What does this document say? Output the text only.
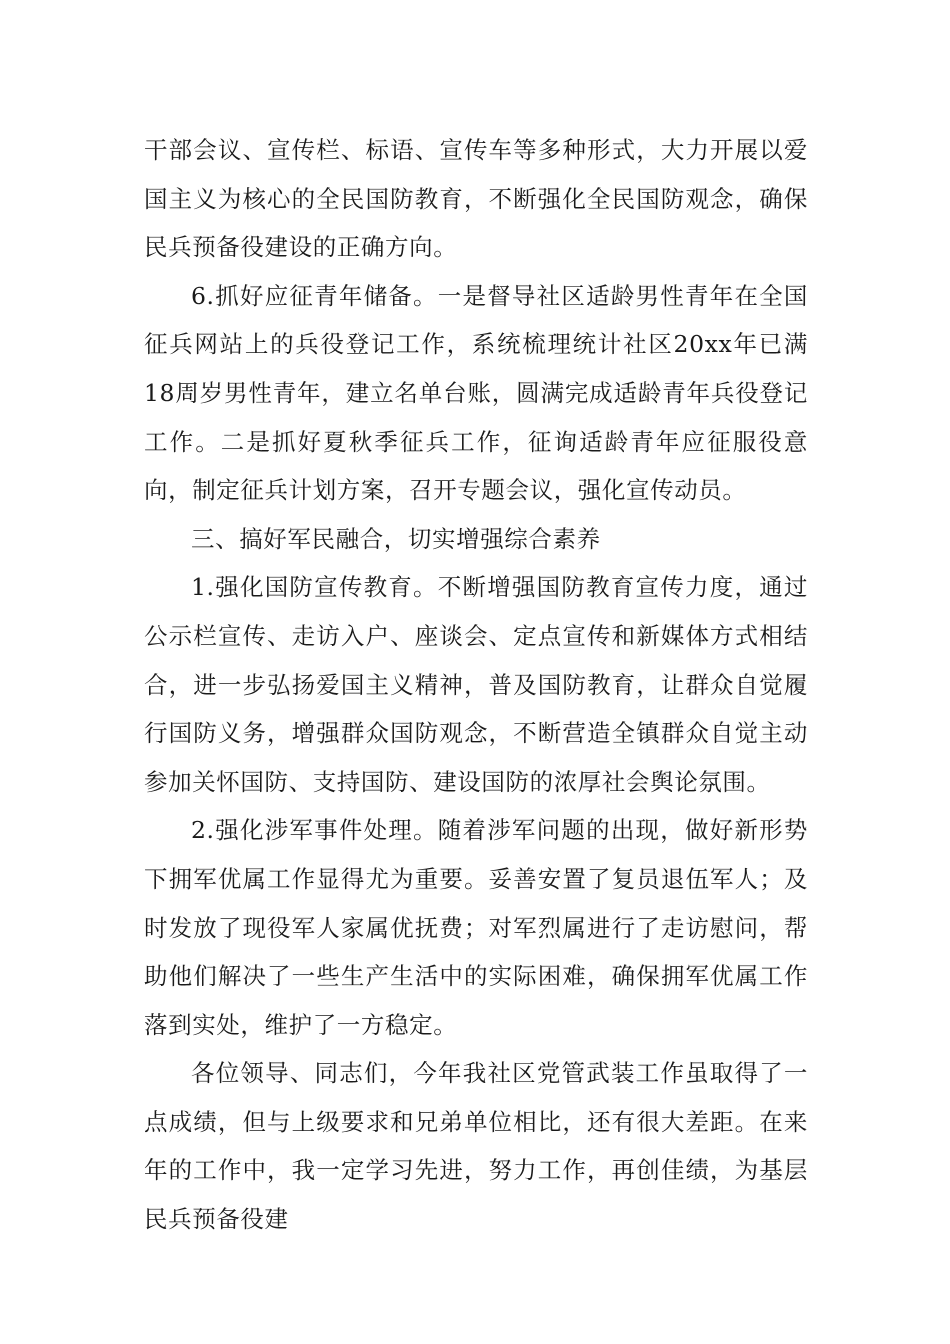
干部会议、宣传栏、标语、宣传车等多种形式，大力开展以爱国主义为核心的全民国防教育，不断强化全民国防观念，确保民兵预备役建设的正确方向。

6.抓好应征青年储备。一是督导社区适龄男性青年在全国征兵网站上的兵役登记工作，系统梳理统计社区20xx年已满18周岁男性青年，建立名单台账，圆满完成适龄青年兵役登记工作。二是抓好夏秋季征兵工作，征询适龄青年应征服役意向，制定征兵计划方案，召开专题会议，强化宣传动员。

三、搞好军民融合，切实增强综合素养

1.强化国防宣传教育。不断增强国防教育宣传力度，通过公示栏宣传、走访入户、座谈会、定点宣传和新媒体方式相结合，进一步弘扬爱国主义精神，普及国防教育，让群众自觉履行国防义务，增强群众国防观念，不断营造全镇群众自觉主动参加关怀国防、支持国防、建设国防的浓厚社会舆论氛围。

2.强化涉军事件处理。随着涉军问题的出现，做好新形势下拥军优属工作显得尤为重要。妥善安置了复员退伍军人；及时发放了现役军人家属优抚费；对军烈属进行了走访慰问，帮助他们解决了一些生产生活中的实际困难，确保拥军优属工作落到实处，维护了一方稳定。

各位领导、同志们，今年我社区党管武装工作虽取得了一点成绩，但与上级要求和兄弟单位相比，还有很大差距。在来年的工作中，我一定学习先进，努力工作，再创佳绩，为基层民兵预备役建
